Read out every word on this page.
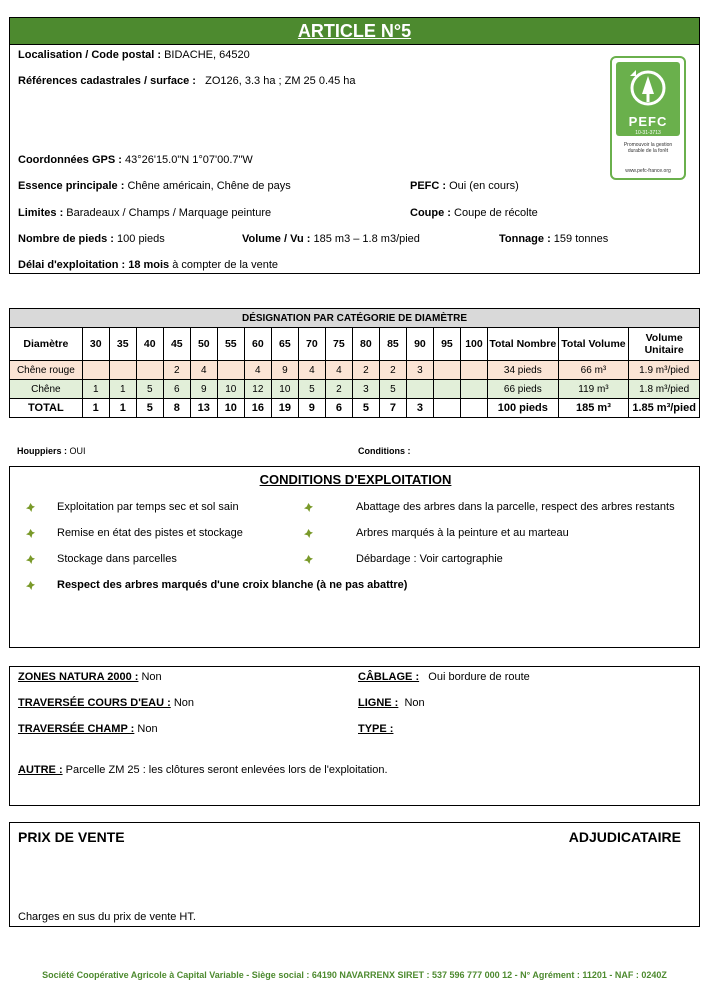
ARTICLE N°5
Localisation / Code postal : BIDACHE, 64520
Références cadastrales / surface : ZO126, 3.3 ha ; ZM 25 0.45 ha
Coordonnées GPS : 43°26'15.0"N 1°07'00.7"W
Essence principale : Chêne américain, Chêne de pays	PEFC : Oui (en cours)
Limites : Baradeaux / Champs / Marquage peinture	Coupe : Coupe de récolte
Nombre de pieds : 100 pieds	Volume / Vu : 185 m3 – 1.8 m3/pied	Tonnage : 159 tonnes
Délai d'exploitation : 18 mois à compter de la vente
PEFC
10-31-3713
Promouvoir la gestion durable de la forêt
www.pefc-france.org
DÉSIGNATION PAR CATÉGORIE DE DIAMÈTRE																		
Diamètre	30	35	40	45	50	55	60	65	70	75	80	85	90	95	100	Total Nombre	Total Volume	Volume Unitaire
Chêne rouge				2	4		4	9	4	4	2	2	3			34 pieds	66 m³	1.9 m³/pied
Chêne	1	1	5	6	9	10	12	10	5	2	3	5				66 pieds	119 m³	1.8 m³/pied
TOTAL	1	1	5	8	13	10	16	19	9	6	5	7	3			100 pieds	185 m³	1.85 m³/pied
Houppiers : OUI	Conditions :
CONDITIONS D'EXPLOITATION
Exploitation par temps sec et sol sain
Remise en état des pistes et stockage
Stockage dans parcelles
Abattage des arbres dans la parcelle, respect des arbres restants
Arbres marqués à la peinture et au marteau
Débardage : Voir cartographie
Respect des arbres marqués d'une croix blanche (à ne pas abattre)
ZONES NATURA 2000 : Non	CÂBLAGE : Oui bordure de route
TRAVERSÉE COURS D'EAU : Non	LIGNE : Non
TRAVERSÉE CHAMP : Non	TYPE :
AUTRE : Parcelle ZM 25 : les clôtures seront enlevées lors de l'exploitation.
PRIX DE VENTE	ADJUDICATAIRE
Charges en sus du prix de vente HT.
Société Coopérative Agricole à Capital Variable - Siège social : 64190 NAVARRENX SIRET : 537 596 777 000 12 - N° Agrément : 11201 - NAF : 0240Z
